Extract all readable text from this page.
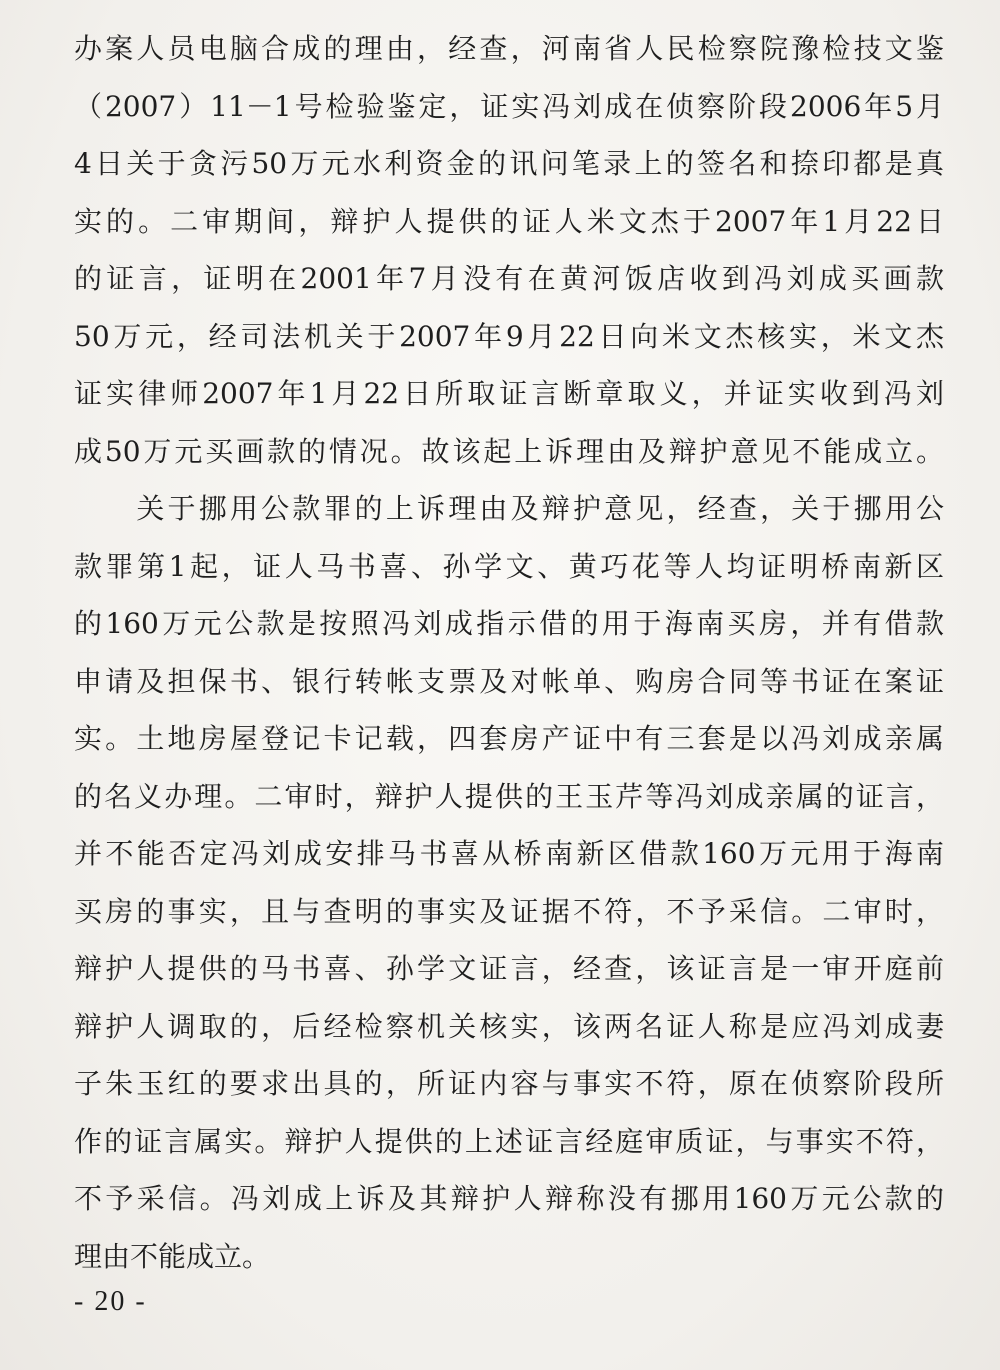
办案人员电脑合成的理由，经查，河南省人民检察院豫检技文鉴
（2007）11－1号检验鉴定，证实冯刘成在侦察阶段2006年5月
4日关于贪污50万元水利资金的讯问笔录上的签名和捺印都是真
实的。二审期间，辩护人提供的证人米文杰于2007年1月22日
的证言，证明在2001年7月没有在黄河饭店收到冯刘成买画款
50万元，经司法机关于2007年9月22日向米文杰核实，米文杰
证实律师2007年1月22日所取证言断章取义，并证实收到冯刘
成50万元买画款的情况。故该起上诉理由及辩护意见不能成立。
　　关于挪用公款罪的上诉理由及辩护意见，经查，关于挪用公
款罪第1起，证人马书喜、孙学文、黄巧花等人均证明桥南新区
的160万元公款是按照冯刘成指示借的用于海南买房，并有借款
申请及担保书、银行转帐支票及对帐单、购房合同等书证在案证
实。土地房屋登记卡记载，四套房产证中有三套是以冯刘成亲属
的名义办理。二审时，辩护人提供的王玉芹等冯刘成亲属的证言，
并不能否定冯刘成安排马书喜从桥南新区借款160万元用于海南
买房的事实，且与查明的事实及证据不符，不予采信。二审时，
辩护人提供的马书喜、孙学文证言，经查，该证言是一审开庭前
辩护人调取的，后经检察机关核实，该两名证人称是应冯刘成妻
子朱玉红的要求出具的，所证内容与事实不符，原在侦察阶段所
作的证言属实。辩护人提供的上述证言经庭审质证，与事实不符，
不予采信。冯刘成上诉及其辩护人辩称没有挪用160万元公款的
理由不能成立。
- 20 -
